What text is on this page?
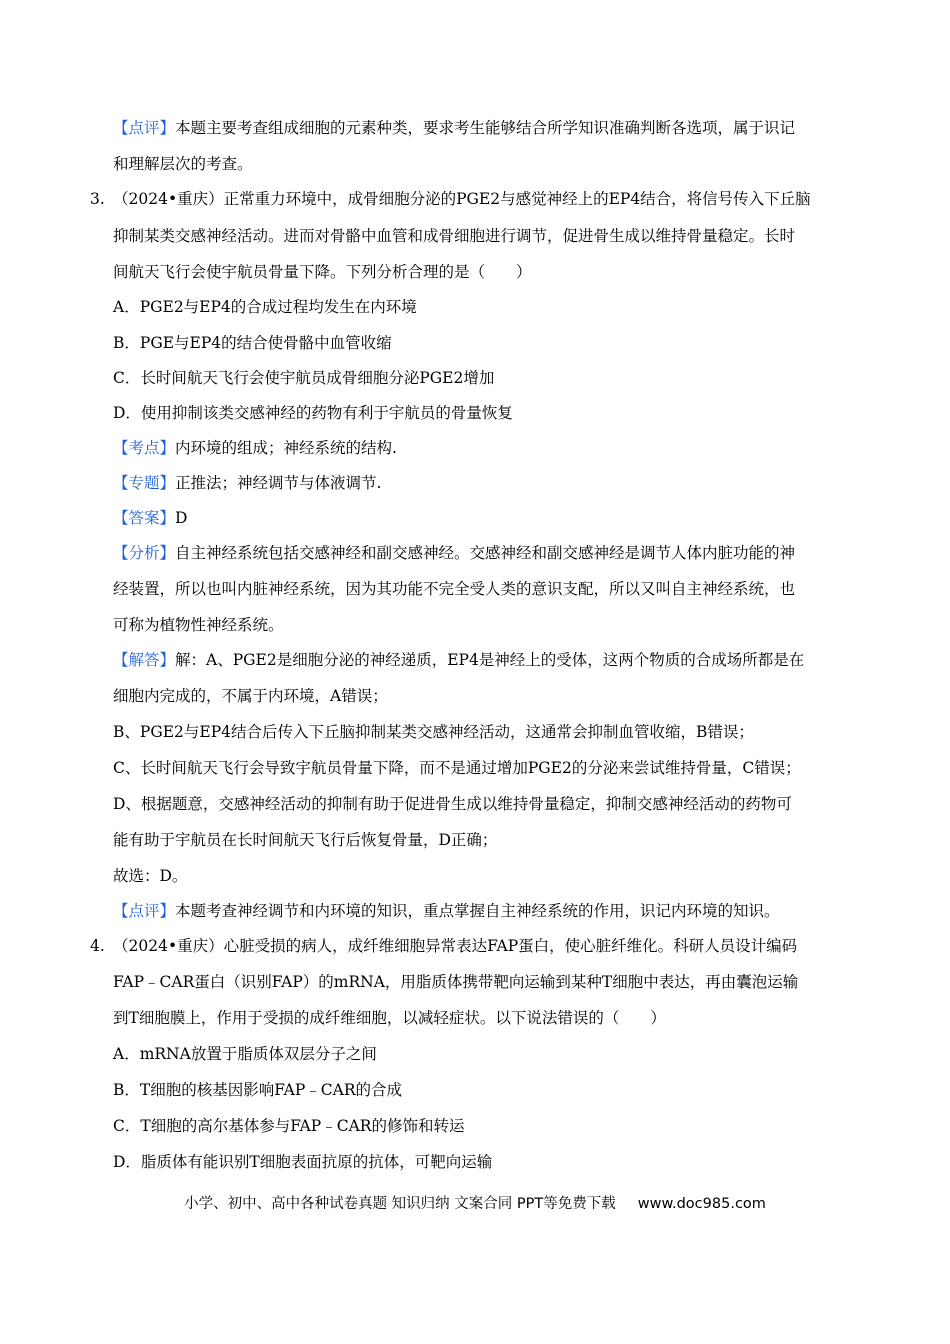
【点评】本题主要考查组成细胞的元素种类，要求考生能够结合所学知识准确判断各选项，属于识记
和理解层次的考查。
3. （2024•重庆）正常重力环境中，成骨细胞分泌的PGE2与感觉神经上的EP4结合，将信号传入下丘脑
抑制某类交感神经活动。进而对骨骼中血管和成骨细胞进行调节，促进骨生成以维持骨量稳定。长时
间航天飞行会使宇航员骨量下降。下列分析合理的是（　　）
A．PGE2与EP4的合成过程均发生在内环境
B．PGE与EP4的结合使骨骼中血管收缩
C．长时间航天飞行会使宇航员成骨细胞分泌PGE2增加
D．使用抑制该类交感神经的药物有利于宇航员的骨量恢复
【考点】内环境的组成；神经系统的结构.
【专题】正推法；神经调节与体液调节.
【答案】D
【分析】自主神经系统包括交感神经和副交感神经。交感神经和副交感神经是调节人体内脏功能的神
经装置，所以也叫内脏神经系统，因为其功能不完全受人类的意识支配，所以又叫自主神经系统，也
可称为植物性神经系统。
【解答】解：A、PGE2是细胞分泌的神经递质，EP4是神经上的受体，这两个物质的合成场所都是在
细胞内完成的，不属于内环境，A错误；
B、PGE2与EP4结合后传入下丘脑抑制某类交感神经活动，这通常会抑制血管收缩，B错误；
C、长时间航天飞行会导致宇航员骨量下降，而不是通过增加PGE2的分泌来尝试维持骨量，C错误；
D、根据题意，交感神经活动的抑制有助于促进骨生成以维持骨量稳定，抑制交感神经活动的药物可
能有助于宇航员在长时间航天飞行后恢复骨量，D正确；
故选：D。
【点评】本题考查神经调节和内环境的知识，重点掌握自主神经系统的作用，识记内环境的知识。
4. （2024•重庆）心脏受损的病人，成纤维细胞异常表达FAP蛋白，使心脏纤维化。科研人员设计编码
FAP﹣CAR蛋白（识别FAP）的mRNA，用脂质体携带靶向运输到某种T细胞中表达，再由囊泡运输
到T细胞膜上，作用于受损的成纤维细胞，以减轻症状。以下说法错误的（　　）
A．mRNA放置于脂质体双层分子之间
B．T细胞的核基因影响FAP﹣CAR的合成
C．T细胞的高尔基体参与FAP﹣CAR的修饰和转运
D．脂质体有能识别T细胞表面抗原的抗体，可靶向运输
小学、初中、高中各种试卷真题 知识归纳 文案合同 PPT等免费下载 www.doc985.com
